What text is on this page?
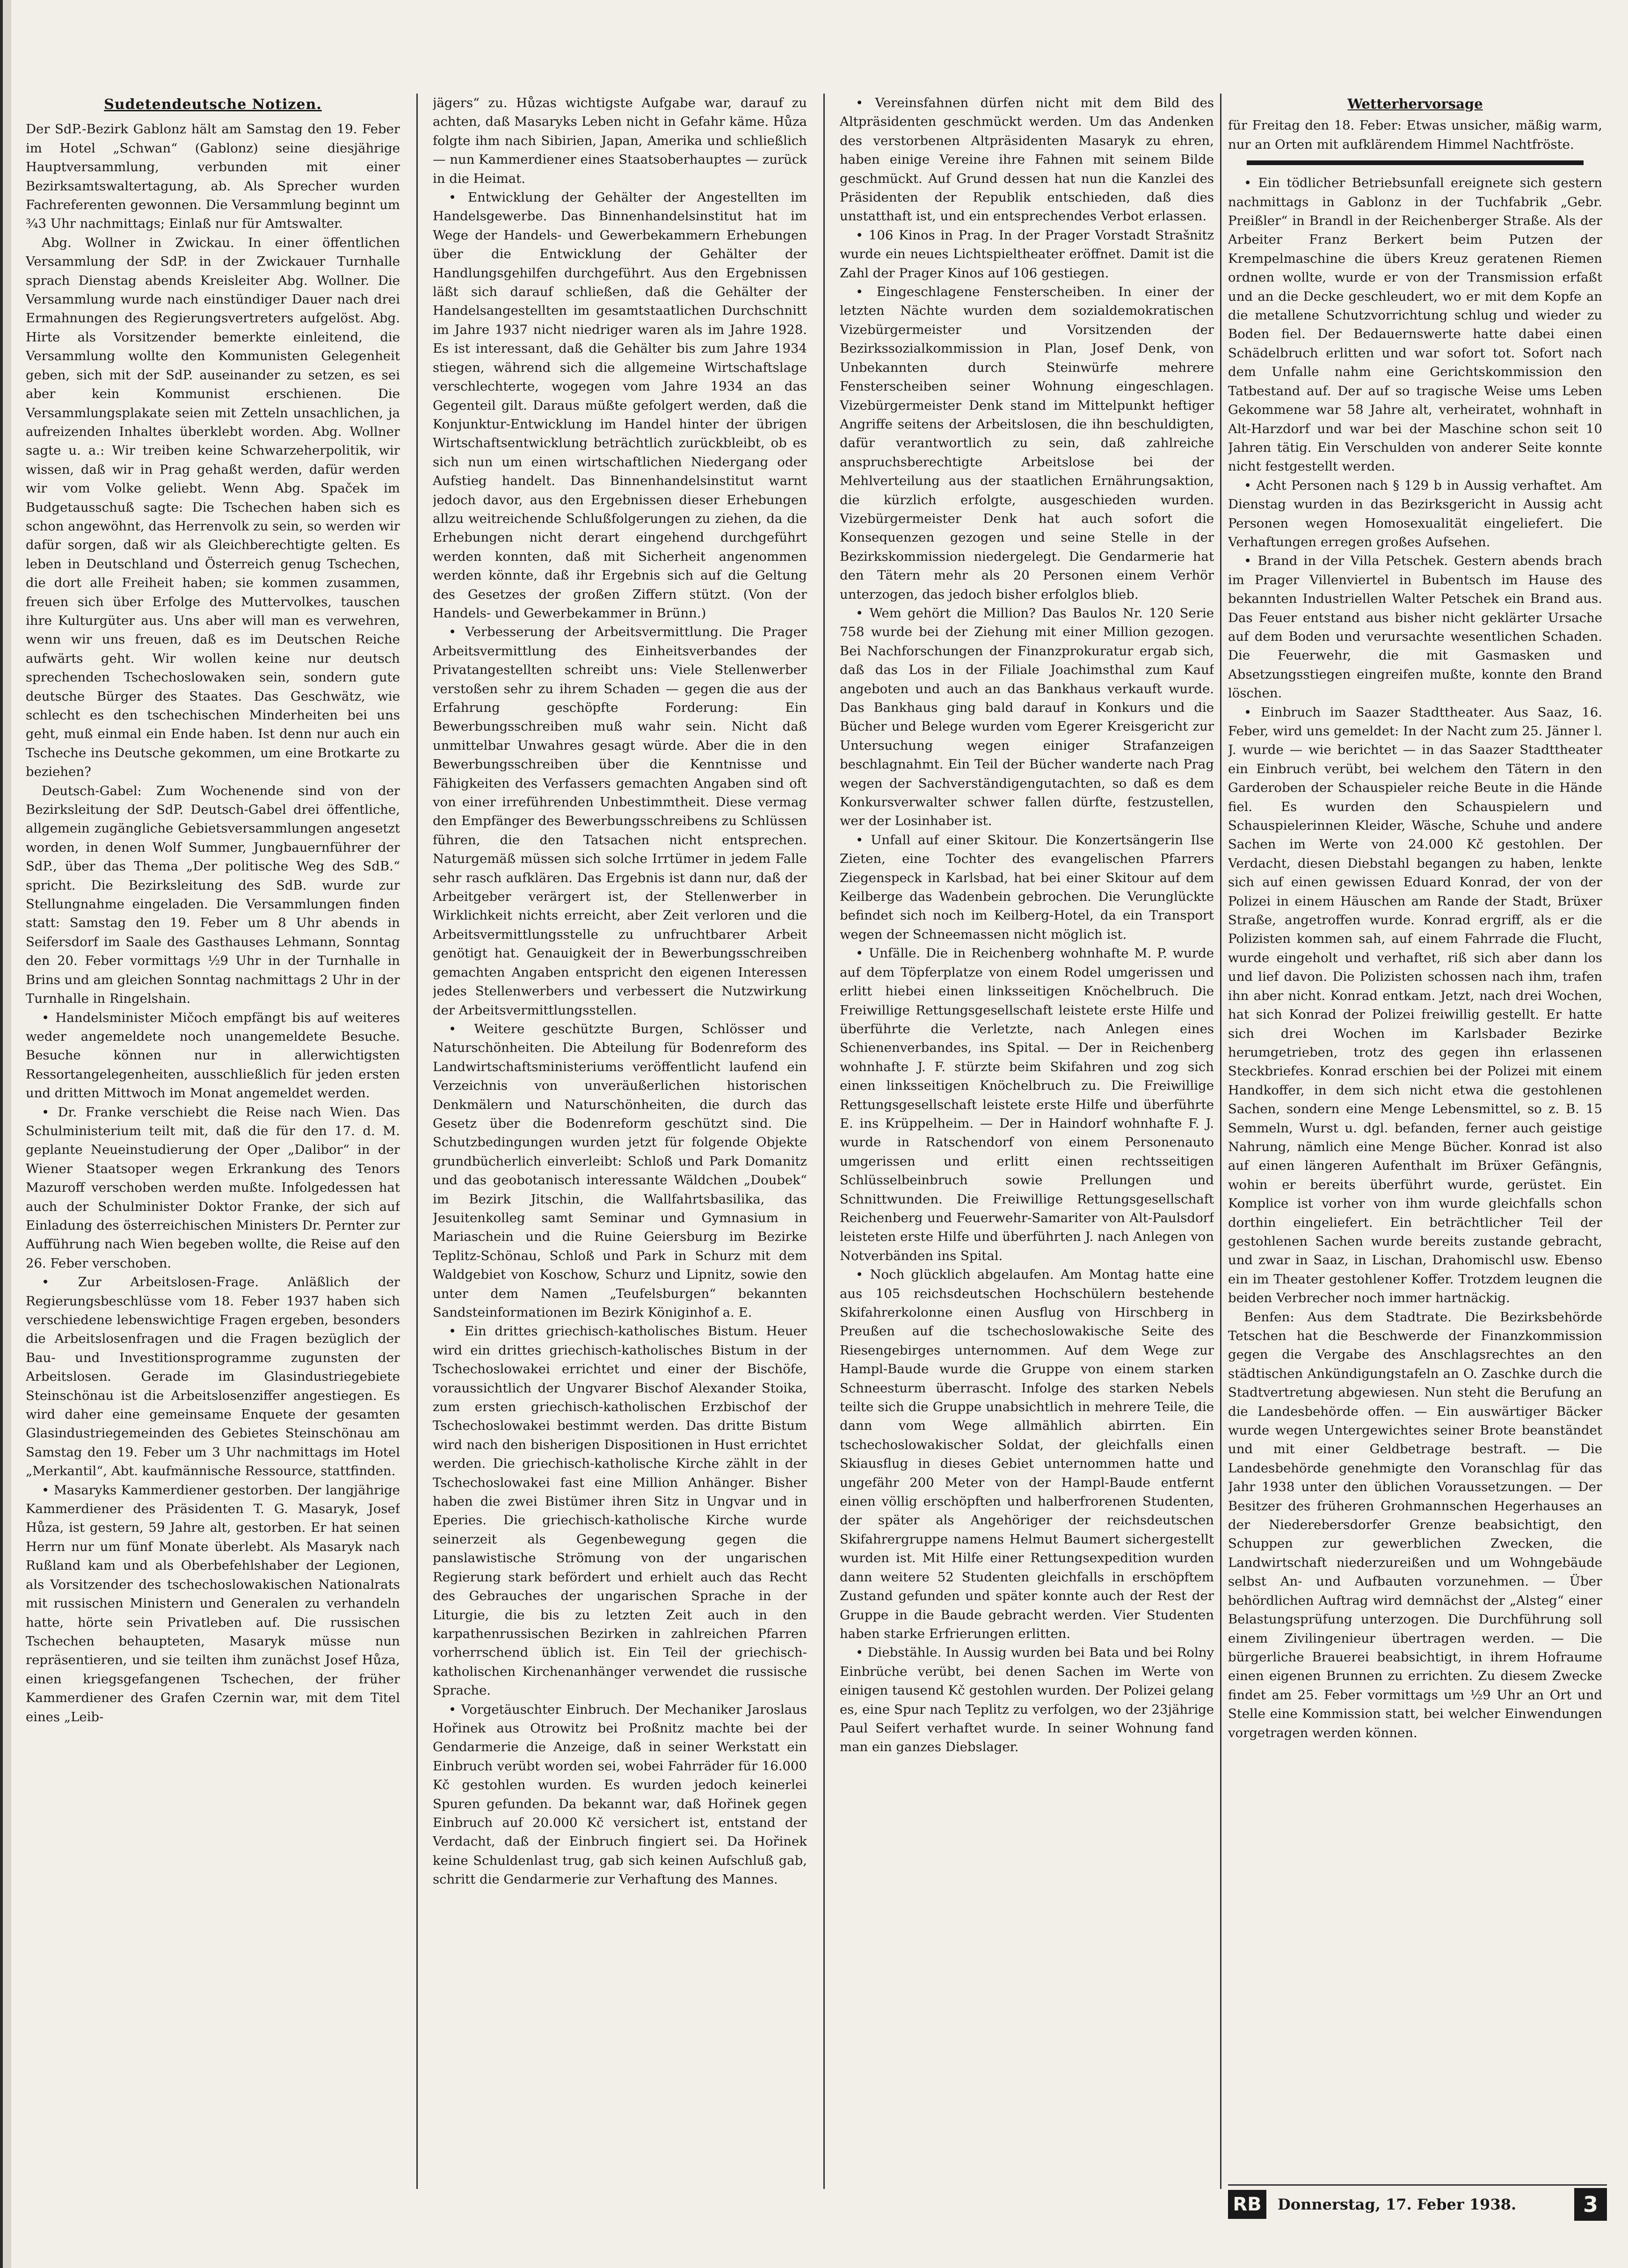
Sudetendeutsche Notizen.

Der SdP.-Bezirk Gablonz hält am Samstag den 19. Feber im Hotel „Schwan“ (Gablonz) seine diesjährige Hauptversammlung, verbunden mit einer Bezirksamtswaltertagung, ab. Als Sprecher wurden Fachreferenten gewonnen. Die Versammlung beginnt um ¾3 Uhr nachmittags; Einlaß nur für Amtswalter.

Abg. Wollner in Zwickau. In einer öffentlichen Versammlung der SdP. in der Zwickauer Turnhalle sprach Dienstag abends Kreisleiter Abg. Wollner. Die Versammlung wurde nach einstündiger Dauer nach drei Ermahnungen des Regierungsvertreters aufgelöst. Abg. Hirte als Vorsitzender bemerkte einleitend, die Versammlung wollte den Kommunisten Gelegenheit geben, sich mit der SdP. auseinander zu setzen, es sei aber kein Kommunist erschienen. Die Versammlungsplakate seien mit Zetteln unsachlichen, ja aufreizenden Inhaltes überklebt worden. Abg. Wollner sagte u. a.: Wir treiben keine Schwarzeherpolitik, wir wissen, daß wir in Prag gehaßt werden, dafür werden wir vom Volke geliebt. Wenn Abg. Spaček im Budgetausschuß sagte: Die Tschechen haben sich es schon angewöhnt, das Herrenvolk zu sein, so werden wir dafür sorgen, daß wir als Gleichberechtigte gelten. Es leben in Deutschland und Österreich genug Tschechen, die dort alle Freiheit haben; sie kommen zusammen, freuen sich über Erfolge des Muttervolkes, tauschen ihre Kulturgüter aus. Uns aber will man es verwehren, wenn wir uns freuen, daß es im Deutschen Reiche aufwärts geht. Wir wollen keine nur deutsch sprechenden Tschechoslowaken sein, sondern gute deutsche Bürger des Staates. Das Geschwätz, wie schlecht es den tschechischen Minderheiten bei uns geht, muß einmal ein Ende haben. Ist denn nur auch ein Tscheche ins Deutsche gekommen, um eine Brotkarte zu beziehen?

Deutsch-Gabel: Zum Wochenende sind von der Bezirksleitung der SdP. Deutsch-Gabel drei öffentliche, allgemein zugängliche Gebietsversammlungen angesetzt worden, in denen Wolf Summer, Jungbauernführer der SdP., über das Thema „Der politische Weg des SdB.“ spricht. Die Bezirksleitung des SdB. wurde zur Stellungnahme eingeladen. Die Versammlungen finden statt: Samstag den 19. Feber um 8 Uhr abends in Seifersdorf im Saale des Gasthauses Lehmann, Sonntag den 20. Feber vormittags ½9 Uhr in der Turnhalle in Brins und am gleichen Sonntag nachmittags 2 Uhr in der Turnhalle in Ringelshain.

• Handelsminister Mičoch empfängt bis auf weiteres weder angemeldete noch unangemeldete Besuche. Besuche können nur in allerwichtigsten Ressortangelegenheiten, ausschließlich für jeden ersten und dritten Mittwoch im Monat angemeldet werden.

• Dr. Franke verschiebt die Reise nach Wien. Das Schulministerium teilt mit, daß die für den 17. d. M. geplante Neueinstudierung der Oper „Dalibor“ in der Wiener Staatsoper wegen Erkrankung des Tenors Mazuroff verschoben werden mußte. Infolgedessen hat auch der Schulminister Doktor Franke, der sich auf Einladung des österreichischen Ministers Dr. Pernter zur Aufführung nach Wien begeben wollte, die Reise auf den 26. Feber verschoben.

• Zur Arbeitslosen-Frage. Anläßlich der Regierungsbeschlüsse vom 18. Feber 1937 haben sich verschiedene lebenswichtige Fragen ergeben, besonders die Arbeitslosenfragen und die Fragen bezüglich der Bau- und Investitionsprogramme zugunsten der Arbeitslosen. Gerade im Glasindustriegebiete Steinschönau ist die Arbeitslosenziffer angestiegen. Es wird daher eine gemeinsame Enquete der gesamten Glasindustriegemeinden des Gebietes Steinschönau am Samstag den 19. Feber um 3 Uhr nachmittags im Hotel „Merkantil“, Abt. kaufmännische Ressource, stattfinden.

• Masaryks Kammerdiener gestorben. Der langjährige Kammerdiener des Präsidenten T. G. Masaryk, Josef Hůza, ist gestern, 59 Jahre alt, gestorben. Er hat seinen Herrn nur um fünf Monate überlebt. Als Masaryk nach Rußland kam und als Oberbefehlshaber der Legionen, als Vorsitzender des tschechoslowakischen Nationalrats mit russischen Ministern und Generalen zu verhandeln hatte, hörte sein Privatleben auf. Die russischen Tschechen behaupteten, Masaryk müsse nun repräsentieren, und sie teilten ihm zunächst Josef Hůza, einen kriegsgefangenen Tschechen, der früher Kammerdiener des Grafen Czernin war, mit dem Titel eines „Leib-

jägers“ zu. Hůzas wichtigste Aufgabe war, darauf zu achten, daß Masaryks Leben nicht in Gefahr käme. Hůza folgte ihm nach Sibirien, Japan, Amerika und schließlich — nun Kammerdiener eines Staatsoberhauptes — zurück in die Heimat.

• Entwicklung der Gehälter der Angestellten im Handelsgewerbe. Das Binnenhandelsinstitut hat im Wege der Handels- und Gewerbekammern Erhebungen über die Entwicklung der Gehälter der Handlungsgehilfen durchgeführt. Aus den Ergebnissen läßt sich darauf schließen, daß die Gehälter der Handelsangestellten im gesamtstaatlichen Durchschnitt im Jahre 1937 nicht niedriger waren als im Jahre 1928. Es ist interessant, daß die Gehälter bis zum Jahre 1934 stiegen, während sich die allgemeine Wirtschaftslage verschlechterte, wogegen vom Jahre 1934 an das Gegenteil gilt. Daraus müßte gefolgert werden, daß die Konjunktur-Entwicklung im Handel hinter der übrigen Wirtschaftsentwicklung beträchtlich zurückbleibt, ob es sich nun um einen wirtschaftlichen Niedergang oder Aufstieg handelt. Das Binnenhandelsinstitut warnt jedoch davor, aus den Ergebnissen dieser Erhebungen allzu weitreichende Schlußfolgerungen zu ziehen, da die Erhebungen nicht derart eingehend durchgeführt werden konnten, daß mit Sicherheit angenommen werden könnte, daß ihr Ergebnis sich auf die Geltung des Gesetzes der großen Ziffern stützt. (Von der Handels- und Gewerbekammer in Brünn.)

• Verbesserung der Arbeitsvermittlung. Die Prager Arbeitsvermittlung des Einheitsverbandes der Privatangestellten schreibt uns: Viele Stellenwerber verstoßen sehr zu ihrem Schaden — gegen die aus der Erfahrung geschöpfte Forderung: Ein Bewerbungsschreiben muß wahr sein. Nicht daß unmittelbar Unwahres gesagt würde. Aber die in den Bewerbungsschreiben über die Kenntnisse und Fähigkeiten des Verfassers gemachten Angaben sind oft von einer irreführenden Unbestimmtheit. Diese vermag den Empfänger des Bewerbungsschreibens zu Schlüssen führen, die den Tatsachen nicht entsprechen. Naturgemäß müssen sich solche Irrtümer in jedem Falle sehr rasch aufklären. Das Ergebnis ist dann nur, daß der Arbeitgeber verärgert ist, der Stellenwerber in Wirklichkeit nichts erreicht, aber Zeit verloren und die Arbeitsvermittlungsstelle zu unfruchtbarer Arbeit genötigt hat. Genauigkeit der in Bewerbungsschreiben gemachten Angaben entspricht den eigenen Interessen jedes Stellenwerbers und verbessert die Nutzwirkung der Arbeitsvermittlungsstellen.

• Weitere geschützte Burgen, Schlösser und Naturschönheiten. Die Abteilung für Bodenreform des Landwirtschaftsministeriums veröffentlicht laufend ein Verzeichnis von unveräußerlichen historischen Denkmälern und Naturschönheiten, die durch das Gesetz über die Bodenreform geschützt sind. Die Schutzbedingungen wurden jetzt für folgende Objekte grundbücherlich einverleibt: Schloß und Park Domanitz und das geobotanisch interessante Wäldchen „Doubek“ im Bezirk Jitschin, die Wallfahrtsbasilika, das Jesuitenkolleg samt Seminar und Gymnasium in Mariaschein und die Ruine Geiersburg im Bezirke Teplitz-Schönau, Schloß und Park in Schurz mit dem Waldgebiet von Koschow, Schurz und Lipnitz, sowie den unter dem Namen „Teufelsburgen“ bekannten Sandsteinformationen im Bezirk Königinhof a. E.

• Ein drittes griechisch-katholisches Bistum. Heuer wird ein drittes griechisch-katholisches Bistum in der Tschechoslowakei errichtet und einer der Bischöfe, voraussichtlich der Ungvarer Bischof Alexander Stoika, zum ersten griechisch-katholischen Erzbischof der Tschechoslowakei bestimmt werden. Das dritte Bistum wird nach den bisherigen Dispositionen in Hust errichtet werden. Die griechisch-katholische Kirche zählt in der Tschechoslowakei fast eine Million Anhänger. Bisher haben die zwei Bistümer ihren Sitz in Ungvar und in Eperies. Die griechisch-katholische Kirche wurde seinerzeit als Gegenbewegung gegen die panslawistische Strömung von der ungarischen Regierung stark befördert und erhielt auch das Recht des Gebrauches der ungarischen Sprache in der Liturgie, die bis zu letzten Zeit auch in den karpathenrussischen Bezirken in zahlreichen Pfarren vorherrschend üblich ist. Ein Teil der griechisch-katholischen Kirchenanhänger verwendet die russische Sprache.

• Vorgetäuschter Einbruch. Der Mechaniker Jaroslaus Hořinek aus Otrowitz bei Proßnitz machte bei der Gendarmerie die Anzeige, daß in seiner Werkstatt ein Einbruch verübt worden sei, wobei Fahrräder für 16.000 Kč gestohlen wurden. Es wurden jedoch keinerlei Spuren gefunden. Da bekannt war, daß Hořinek gegen Einbruch auf 20.000 Kč versichert ist, entstand der Verdacht, daß der Einbruch fingiert sei. Da Hořinek keine Schuldenlast trug, gab sich keinen Aufschluß gab, schritt die Gendarmerie zur Verhaftung des Mannes.

• Vereinsfahnen dürfen nicht mit dem Bild des Altpräsidenten geschmückt werden. Um das Andenken des verstorbenen Altpräsidenten Masaryk zu ehren, haben einige Vereine ihre Fahnen mit seinem Bilde geschmückt. Auf Grund dessen hat nun die Kanzlei des Präsidenten der Republik entschieden, daß dies unstatthaft ist, und ein entsprechendes Verbot erlassen.

• 106 Kinos in Prag. In der Prager Vorstadt Strašnitz wurde ein neues Lichtspieltheater eröffnet. Damit ist die Zahl der Prager Kinos auf 106 gestiegen.

• Eingeschlagene Fensterscheiben. In einer der letzten Nächte wurden dem sozialdemokratischen Vizebürgermeister und Vorsitzenden der Bezirkssozialkommission in Plan, Josef Denk, von Unbekannten durch Steinwürfe mehrere Fensterscheiben seiner Wohnung eingeschlagen. Vizebürgermeister Denk stand im Mittelpunkt heftiger Angriffe seitens der Arbeitslosen, die ihn beschuldigten, dafür verantwortlich zu sein, daß zahlreiche anspruchsberechtigte Arbeitslose bei der Mehlverteilung aus der staatlichen Ernährungsaktion, die kürzlich erfolgte, ausgeschieden wurden. Vizebürgermeister Denk hat auch sofort die Konsequenzen gezogen und seine Stelle in der Bezirkskommission niedergelegt. Die Gendarmerie hat den Tätern mehr als 20 Personen einem Verhör unterzogen, das jedoch bisher erfolglos blieb.

• Wem gehört die Million? Das Baulos Nr. 120 Serie 758 wurde bei der Ziehung mit einer Million gezogen. Bei Nachforschungen der Finanzprokuratur ergab sich, daß das Los in der Filiale Joachimsthal zum Kauf angeboten und auch an das Bankhaus verkauft wurde. Das Bankhaus ging bald darauf in Konkurs und die Bücher und Belege wurden vom Egerer Kreisgericht zur Untersuchung wegen einiger Strafanzeigen beschlagnahmt. Ein Teil der Bücher wanderte nach Prag wegen der Sachverständigengutachten, so daß es dem Konkursverwalter schwer fallen dürfte, festzustellen, wer der Losinhaber ist.

• Unfall auf einer Skitour. Die Konzertsängerin Ilse Zieten, eine Tochter des evangelischen Pfarrers Ziegenspeck in Karlsbad, hat bei einer Skitour auf dem Keilberge das Wadenbein gebrochen. Die Verunglückte befindet sich noch im Keilberg-Hotel, da ein Transport wegen der Schneemassen nicht möglich ist.

• Unfälle. Die in Reichenberg wohnhafte M. P. wurde auf dem Töpferplatze von einem Rodel umgerissen und erlitt hiebei einen linksseitigen Knöchelbruch. Die Freiwillige Rettungsgesellschaft leistete erste Hilfe und überführte die Verletzte, nach Anlegen eines Schienenverbandes, ins Spital. — Der in Reichenberg wohnhafte J. F. stürzte beim Skifahren und zog sich einen linksseitigen Knöchelbruch zu. Die Freiwillige Rettungsgesellschaft leistete erste Hilfe und überführte E. ins Krüppelheim. — Der in Haindorf wohnhafte F. J. wurde in Ratschendorf von einem Personenauto umgerissen und erlitt einen rechtsseitigen Schlüsselbeinbruch sowie Prellungen und Schnittwunden. Die Freiwillige Rettungsgesellschaft Reichenberg und Feuerwehr-Samariter von Alt-Paulsdorf leisteten erste Hilfe und überführten J. nach Anlegen von Notverbänden ins Spital.

• Noch glücklich abgelaufen. Am Montag hatte eine aus 105 reichsdeutschen Hochschülern bestehende Skifahrerkolonne einen Ausflug von Hirschberg in Preußen auf die tschechoslowakische Seite des Riesengebirges unternommen. Auf dem Wege zur Hampl-Baude wurde die Gruppe von einem starken Schneesturm überrascht. Infolge des starken Nebels teilte sich die Gruppe unabsichtlich in mehrere Teile, die dann vom Wege allmählich abirrten. Ein tschechoslowakischer Soldat, der gleichfalls einen Skiausflug in dieses Gebiet unternommen hatte und ungefähr 200 Meter von der Hampl-Baude entfernt einen völlig erschöpften und halberfrorenen Studenten, der später als Angehöriger der reichsdeutschen Skifahrergruppe namens Helmut Baumert sichergestellt wurden ist. Mit Hilfe einer Rettungsexpedition wurden dann weitere 52 Studenten gleichfalls in erschöpftem Zustand gefunden und später konnte auch der Rest der Gruppe in die Baude gebracht werden. Vier Studenten haben starke Erfrierungen erlitten.

• Diebstähle. In Aussig wurden bei Bata und bei Rolny Einbrüche verübt, bei denen Sachen im Werte von einigen tausend Kč gestohlen wurden. Der Polizei gelang es, eine Spur nach Teplitz zu verfolgen, wo der 23jährige Paul Seifert verhaftet wurde. In seiner Wohnung fand man ein ganzes Diebslager.

Wetterhervorsage

für Freitag den 18. Feber: Etwas unsicher, mäßig warm, nur an Orten mit aufklärendem Himmel Nachtfröste.

• Ein tödlicher Betriebsunfall ereignete sich gestern nachmittags in Gablonz in der Tuchfabrik „Gebr. Preißler“ in Brandl in der Reichenberger Straße. Als der Arbeiter Franz Berkert beim Putzen der Krempelmaschine die übers Kreuz geratenen Riemen ordnen wollte, wurde er von der Transmission erfaßt und an die Decke geschleudert, wo er mit dem Kopfe an die metallene Schutzvorrichtung schlug und wieder zu Boden fiel. Der Bedauernswerte hatte dabei einen Schädelbruch erlitten und war sofort tot. Sofort nach dem Unfalle nahm eine Gerichtskommission den Tatbestand auf. Der auf so tragische Weise ums Leben Gekommene war 58 Jahre alt, verheiratet, wohnhaft in Alt-Harzdorf und war bei der Maschine schon seit 10 Jahren tätig. Ein Verschulden von anderer Seite konnte nicht festgestellt werden.

• Acht Personen nach § 129 b in Aussig verhaftet. Am Dienstag wurden in das Bezirksgericht in Aussig acht Personen wegen Homosexualität eingeliefert. Die Verhaftungen erregen großes Aufsehen.

• Brand in der Villa Petschek. Gestern abends brach im Prager Villenviertel in Bubentsch im Hause des bekannten Industriellen Walter Petschek ein Brand aus. Das Feuer entstand aus bisher nicht geklärter Ursache auf dem Boden und verursachte wesentlichen Schaden. Die Feuerwehr, die mit Gasmasken und Absetzungsstiegen eingreifen mußte, konnte den Brand löschen.

• Einbruch im Saazer Stadttheater. Aus Saaz, 16. Feber, wird uns gemeldet: In der Nacht zum 25. Jänner l. J. wurde — wie berichtet — in das Saazer Stadttheater ein Einbruch verübt, bei welchem den Tätern in den Garderoben der Schauspieler reiche Beute in die Hände fiel. Es wurden den Schauspielern und Schauspielerinnen Kleider, Wäsche, Schuhe und andere Sachen im Werte von 24.000 Kč gestohlen. Der Verdacht, diesen Diebstahl begangen zu haben, lenkte sich auf einen gewissen Eduard Konrad, der von der Polizei in einem Häuschen am Rande der Stadt, Brüxer Straße, angetroffen wurde. Konrad ergriff, als er die Polizisten kommen sah, auf einem Fahrrade die Flucht, wurde eingeholt und verhaftet, riß sich aber dann los und lief davon. Die Polizisten schossen nach ihm, trafen ihn aber nicht. Konrad entkam. Jetzt, nach drei Wochen, hat sich Konrad der Polizei freiwillig gestellt. Er hatte sich drei Wochen im Karlsbader Bezirke herumgetrieben, trotz des gegen ihn erlassenen Steckbriefes. Konrad erschien bei der Polizei mit einem Handkoffer, in dem sich nicht etwa die gestohlenen Sachen, sondern eine Menge Lebensmittel, so z. B. 15 Semmeln, Wurst u. dgl. befanden, ferner auch geistige Nahrung, nämlich eine Menge Bücher. Konrad ist also auf einen längeren Aufenthalt im Brüxer Gefängnis, wohin er bereits überführt wurde, gerüstet. Ein Komplice ist vorher von ihm wurde gleichfalls schon dorthin eingeliefert. Ein beträchtlicher Teil der gestohlenen Sachen wurde bereits zustande gebracht, und zwar in Saaz, in Lischan, Drahomischl usw. Ebenso ein im Theater gestohlener Koffer. Trotzdem leugnen die beiden Verbrecher noch immer hartnäckig.

Benfen: Aus dem Stadtrate. Die Bezirksbehörde Tetschen hat die Beschwerde der Finanzkommission gegen die Vergabe des Anschlagsrechtes an den städtischen Ankündigungstafeln an O. Zaschke durch die Stadtvertretung abgewiesen. Nun steht die Berufung an die Landesbehörde offen. — Ein auswärtiger Bäcker wurde wegen Untergewichtes seiner Brote beanständet und mit einer Geldbetrage bestraft. — Die Landesbehörde genehmigte den Voranschlag für das Jahr 1938 unter den üblichen Voraussetzungen. — Der Besitzer des früheren Grohmannschen Hegerhauses an der Niederebersdorfer Grenze beabsichtigt, den Schuppen zur gewerblichen Zwecken, die Landwirtschaft niederzureißen und um Wohngebäude selbst An- und Aufbauten vorzunehmen. — Über behördlichen Auftrag wird demnächst der „Alsteg“ einer Belastungsprüfung unterzogen. Die Durchführung soll einem Zivilingenieur übertragen werden. — Die bürgerliche Brauerei beabsichtigt, in ihrem Hofraume einen eigenen Brunnen zu errichten. Zu diesem Zwecke findet am 25. Feber vormittags um ½9 Uhr an Ort und Stelle eine Kommission statt, bei welcher Einwendungen vorgetragen werden können.

RB	Donnerstag, 17. Feber 1938.	3
